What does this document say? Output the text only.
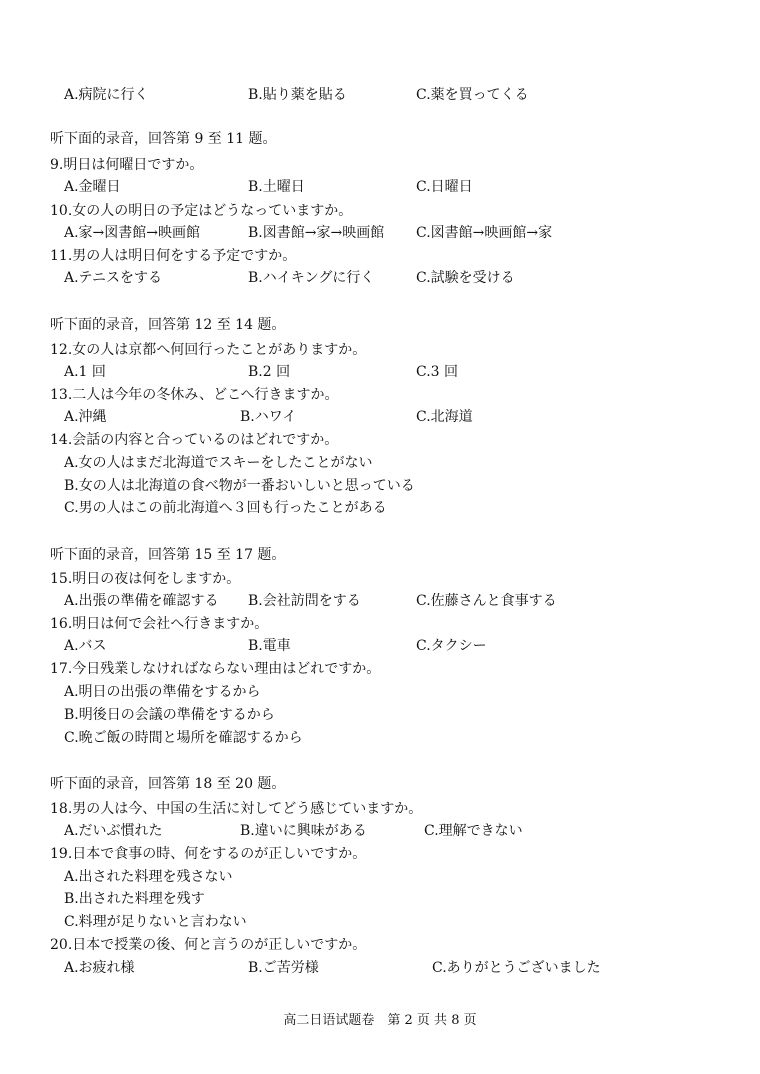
A.病院に行く	B.貼り薬を貼る	C.薬を買ってくる
听下面的录音，回答第 9 至 11 题。
9.明日は何曜日ですか。
A.金曜日	B.土曜日	C.日曜日
10.女の人の明日の予定はどうなっていますか。
A.家→図書館→映画館	B.図書館→家→映画館 C.図書館→映画館→家
11.男の人は明日何をする予定ですか。
A.テニスをする	B.ハイキングに行く	C.試験を受ける
听下面的录音，回答第 12 至 14 题。
12.女の人は京都へ何回行ったことがありますか。
A.1 回	B.2 回	C.3 回
13.二人は今年の冬休み、どこへ行きますか。
A.沖縄	B.ハワイ	C.北海道
14.会話の内容と合っているのはどれですか。
A.女の人はまだ北海道でスキーをしたことがない
B.女の人は北海道の食べ物が一番おいしいと思っている
C.男の人はこの前北海道へ３回も行ったことがある
听下面的录音，回答第 15 至 17 题。
15.明日の夜は何をしますか。
A.出張の準備を確認する B.会社訪問をする	C.佐藤さんと食事する
16.明日は何で会社へ行きますか。
A.バス	B.電車	C.タクシー
17.今日残業しなければならない理由はどれですか。
A.明日の出張の準備をするから
B.明後日の会議の準備をするから
C.晩ご飯の時間と場所を確認するから
听下面的录音，回答第 18 至 20 题。
18.男の人は今、中国の生活に対してどう感じていますか。
A.だいぶ慣れた	B.違いに興味がある	C.理解できない
19.日本で食事の時、何をするのが正しいですか。
A.出された料理を残さない
B.出された料理を残す
C.料理が足りないと言わない
20.日本で授業の後、何と言うのが正しいですか。
A.お疲れ様	B.ご苦労様	C.ありがとうございました
高二日语试题卷　第 2 页 共 8 页
